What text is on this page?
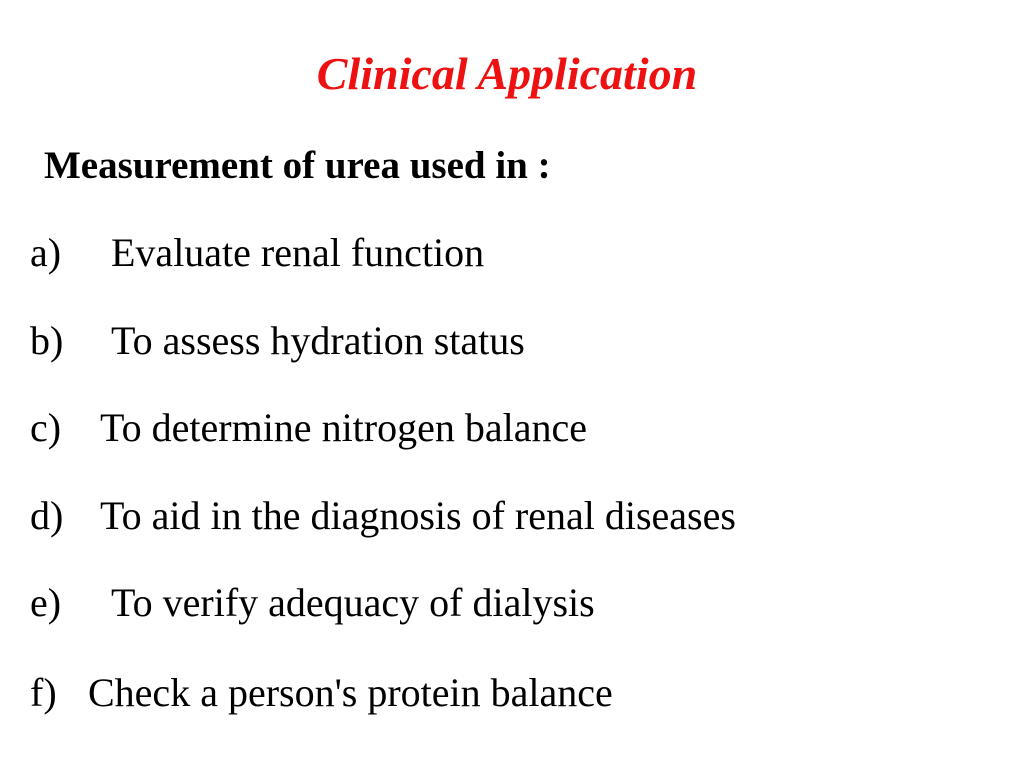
Clinical Application
Measurement of urea used in :
a) Evaluate renal function
b) To assess hydration status
c) To determine nitrogen balance
d) To aid in the diagnosis of renal diseases
e) To verify adequacy of dialysis
f) Check a person's protein balance
